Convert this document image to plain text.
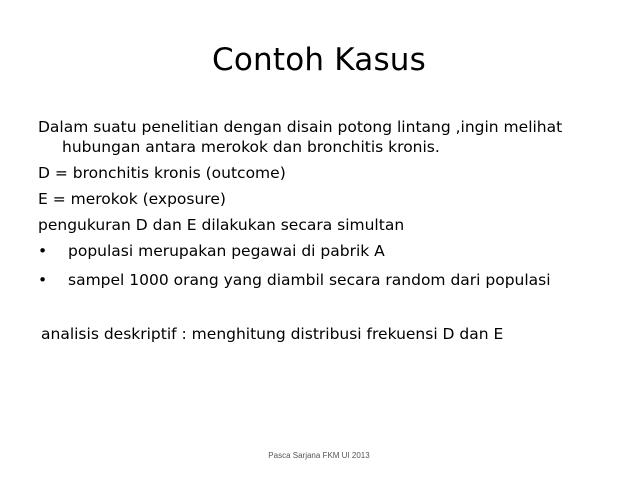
Contoh Kasus

Dalam suatu penelitian dengan disain potong lintang ,ingin melihat
hubungan antara merokok dan bronchitis kronis.

D = bronchitis kronis (outcome)

E = merokok (exposure)

pengukuran D dan E dilakukan secara simultan

• populasi merupakan pegawai di pabrik A
• sampel 1000 orang yang diambil secara random dari populasi

analisis deskriptif : menghitung distribusi frekuensi D dan E

Pasca Sarjana FKM UI 2013
